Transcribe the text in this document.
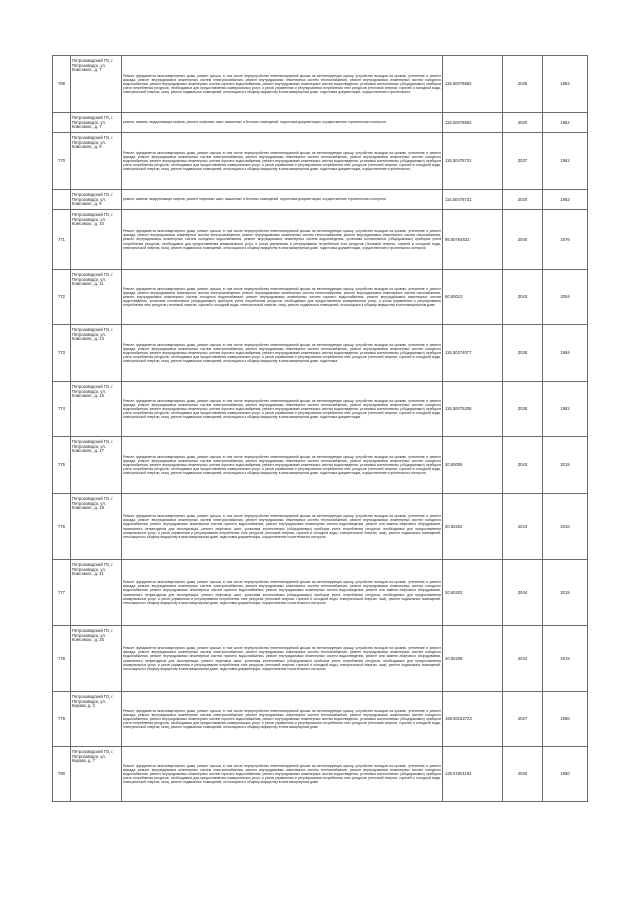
769	Петрозаводский ГО, г. Петрозаводск, ул. Комсомол., д. 7	Ремонт фундамента многоквартирного дома, ремонт крыши, в том числе переустройство невентилируемой крыши на вентилируемую крышу, устройство выходов на кровлю, утепление и ремонт фасада, ремонт внутридомовых инженерных систем электроснабжения, ремонт внутридомовых инженерных систем теплоснабжения, ремонт внутридомовых инженерных систем холодного водоснабжения, ремонт внутридомовых инженерных систем горячего водоснабжения, ремонт внутридомовых инженерных систем водоотведения, установка коллективных (общедомовых) приборов учета потребления ресурсов, необходимых для предоставления коммунальных услуг, и узлов управления и регулирования потребления этих ресурсов (тепловой энергии, горячей и холодной воды, электрической энергии, газа), ремонт подвальных помещений, относящихся к общему имуществу в многоквартирном доме, подготовка документации, осуществление строительного	115.50076662	2036	1962
	Петрозаводский ГО, г. Петрозаводск, ул. Комсомол., д. 7	ремонт, замена, модернизация лифтов, ремонт лифтовых шахт, машинных и блочных помещений, подготовка документации, осуществление строительного контроля	115.50076662	2020	1962
770	Петрозаводский ГО, г. Петрозаводск, ул. Комсомол., д. 9	Ремонт фундамента многоквартирного дома, ремонт крыши, в том числе переустройство невентилируемой крыши на вентилируемую крышу, устройство выходов на кровлю, утепление и ремонт фасада, ремонт внутридомовых инженерных систем электроснабжения, ремонт внутридомовых инженерных систем теплоснабжения, ремонт внутридомовых инженерных систем холодного водоснабжения, ремонт внутридомовых инженерных систем горячего водоснабжения, ремонт внутридомовых инженерных систем водоотведения, установка коллективных (общедомовых) приборов учета потребления ресурсов, необходимых для предоставления коммунальных услуг, и узлов управления и регулирования потребления этих ресурсов (тепловой энергии, горячей и холодной воды, электрической энергии, газа), ремонт подвальных помещений, относящихся к общему имуществу в многоквартирном доме, подготовка документации, осуществление строительного	115.50478731	2037	1962
	Петрозаводский ГО, г. Петрозаводск, ул. Комсомол., д. 9	ремонт, замена, модернизация лифтов, ремонт лифтовых шахт, машинных и блочных помещений, подготовка документации, осуществление строительного контроля	115.50478731	2020	1962
771	Петрозаводский ГО, г. Петрозаводск, ул. Комсомол., д. 10	Ремонт фундамента многоквартирного дома, ремонт крыши, в том числе переустройство невентилируемой крыши на вентилируемую крышу, устройство выходов на кровлю, утепление и ремонт фасада, ремонт внутридомовых инженерных систем электроснабжения, ремонт внутридомовых инженерных систем теплоснабжения, ремонт внутридомовых инженерных систем газоснабжения, ремонт внутридомовых инженерных систем холодного водоснабжения, ремонт внутридомовых инженерных систем водоотведения, установка коллективных (общедомовых) приборов учета потребления ресурсов, необходимых для предоставления коммунальных услуг, и узлов управления и регулирования потребления этих ресурсов (тепловой энергии, горячей и холодной воды, электрической энергии, газа), ремонт подвальных помещений, относящихся к общему имуществу в многоквартирном доме, подготовка документации, осуществление строительного контроля	95.50764633	2040	1976
772	Петрозаводский ГО, г. Петрозаводск, ул. Комсомол., д. 11	Ремонт фундамента многоквартирного дома, ремонт крыши, в том числе переустройство невентилируемой крыши на вентилируемую крышу, устройство выходов на кровлю, утепление и ремонт фасада, ремонт внутридомовых инженерных систем электроснабжения, ремонт внутридомовых инженерных систем теплоснабжения, ремонт внутридомовых инженерных систем газоснабжения, ремонт внутридомовых инженерных систем холодного водоснабжения, ремонт внутридомовых инженерных систем горячего водоснабжения, ремонт внутридомовых инженерных систем водоотведения, установка коллективных (общедомовых) приборов учета потребления ресурсов, необходимых для предоставления коммунальных услуг, и узлов управления и регулирования потребления этих ресурсов (тепловой энергии, горячей и холодной воды, электрической энергии, газа), ремонт подвальных помещений, относящихся к общему имуществу в многоквартирном доме	60.50012	2043	2004
773	Петрозаводский ГО, г. Петрозаводск, ул. Комсомол., д. 13	Ремонт фундамента многоквартирного дома, ремонт крыши, в том числе переустройство невентилируемой крыши на вентилируемую крышу, устройство выходов на кровлю, утепление и ремонт фасада, ремонт внутридомовых инженерных систем электроснабжения, ремонт внутридомовых инженерных систем теплоснабжения, ремонт внутридомовых инженерных систем холодного водоснабжения, ремонт внутридомовых инженерных систем горячего водоснабжения, ремонт внутридомовых инженерных систем водоотведения, установка коллективных (общедомовых) приборов учета потребления ресурсов, необходимых для предоставления коммунальных услуг, и узлов управления и регулирования потребления этих ресурсов (тепловой энергии, горячей и холодной воды, электрической энергии, газа), ремонт подвальных помещений, относящихся к общему имуществу в многоквартирном доме, подготовка	115.50374077	2038	1984
774	Петрозаводский ГО, г. Петрозаводск, ул. Комсомол., д. 15	Ремонт фундамента многоквартирного дома, ремонт крыши, в том числе переустройство невентилируемой крыши на вентилируемую крышу, устройство выходов на кровлю, утепление и ремонт фасада, ремонт внутридомовых инженерных систем электроснабжения, ремонт внутридомовых инженерных систем теплоснабжения, ремонт внутридомовых инженерных систем холодного водоснабжения, ремонт внутридомовых инженерных систем горячего водоснабжения, ремонт внутридомовых инженерных систем водоотведения, установка коллективных (общедомовых) приборов учета потребления ресурсов, необходимых для предоставления коммунальных услуг, и узлов управления и регулирования потребления этих ресурсов (тепловой энергии, горячей и холодной воды, электрической энергии, газа), ремонт подвальных помещений, относящихся к общему имуществу в многоквартирном доме, подготовка документации	115.50075208	2038	1982
775	Петрозаводский ГО, г. Петрозаводск, ул. Комсомол., д. 17	Ремонт фундамента многоквартирного дома, ремонт крыши, в том числе переустройство невентилируемой крыши на вентилируемую крышу, устройство выходов на кровлю, утепление и ремонт фасада, ремонт внутридомовых инженерных систем электроснабжения, ремонт внутридомовых инженерных систем теплоснабжения, ремонт внутридомовых инженерных систем холодного водоснабжения, ремонт внутридомовых инженерных систем горячего водоснабжения, ремонт внутридомовых инженерных систем водоотведения, установка коллективных (общедомовых) приборов учета потребления ресурсов, необходимых для предоставления коммунальных услуг, и узлов управления и регулирования потребления этих ресурсов (тепловой энергии, горячей и холодной воды, электрической энергии, газа), ремонт подвальных помещений, относящихся к общему имуществу в многоквартирном доме, подготовка документации, осуществление строительного контроля	20.50006	2043	2015
776	Петрозаводский ГО, г. Петрозаводск, ул. Комсомол., д. 19	Ремонт фундамента многоквартирного дома, ремонт крыши, в том числе переустройство невентилируемой крыши на вентилируемую крышу, устройство выходов на кровлю, утепление и ремонт фасада, ремонт внутридомовых инженерных систем электроснабжения, ремонт внутридомовых инженерных систем теплоснабжения, ремонт внутридомовых инженерных систем холодного водоснабжения, ремонт внутридомовых инженерных систем горячего водоснабжения, ремонт внутридомовых инженерных систем водоотведения, ремонт или замена лифтового оборудования, признанного непригодным для эксплуатации, ремонт лифтовых шахт, установка коллективных (общедомовых) приборов учета потребления ресурсов, необходимых для предоставления коммунальных услуг, и узлов управления и регулирования потребления этих ресурсов (тепловой энергии, горячей и холодной воды, электрической энергии, газа), ремонт подвальных помещений, относящихся к общему имуществу в многоквартирном доме, подготовка документации, осуществление строительного контроля	20.50202	2044	2016
777	Петрозаводский ГО, г. Петрозаводск, ул. Комсомол., д. 21	Ремонт фундамента многоквартирного дома, ремонт крыши, в том числе переустройство невентилируемой крыши на вентилируемую крышу, устройство выходов на кровлю, утепление и ремонт фасада, ремонт внутридомовых инженерных систем электроснабжения, ремонт внутридомовых инженерных систем теплоснабжения, ремонт внутридомовых инженерных систем холодного водоснабжения, ремонт внутридомовых инженерных систем горячего водоснабжения, ремонт внутридомовых инженерных систем водоотведения, ремонт или замена лифтового оборудования, признанного непригодным для эксплуатации, ремонт лифтовых шахт, установка коллективных (общедомовых) приборов учета потребления ресурсов, необходимых для предоставления коммунальных услуг, и узлов управления и регулирования потребления этих ресурсов (тепловой энергии, горячей и холодной воды, электрической энергии, газа), ремонт подвальных помещений, относящихся к общему имуществу в многоквартирном доме, подготовка документации, осуществление строительного контроля	20.50203	2044	2015
778	Петрозаводский ГО, г. Петрозаводск, ул. Комсомол., д. 25	Ремонт фундамента многоквартирного дома, ремонт крыши, в том числе переустройство невентилируемой крыши на вентилируемую крышу, устройство выходов на кровлю, утепление и ремонт фасада, ремонт внутридомовых инженерных систем электроснабжения, ремонт внутридомовых инженерных систем теплоснабжения, ремонт внутридомовых инженерных систем холодного водоснабжения, ремонт внутридомовых инженерных систем горячего водоснабжения, ремонт внутридомовых инженерных систем водоотведения, ремонт или замена лифтового оборудования, признанного непригодным для эксплуатации, ремонт лифтовых шахт, установка коллективных (общедомовых) приборов учета потребления ресурсов, необходимых для предоставления коммунальных услуг, и узлов управления и регулирования потребления этих ресурсов (тепловой энергии, горячей и холодной воды, электрической энергии, газа), ремонт подвальных помещений, относящихся к общему имуществу в многоквартирном доме, подготовка документации, осуществление строительного контроля	20.50209	2044	2015
779	Петрозаводский ГО, г. Петрозаводск, ул. Кирова, д. 3	Ремонт фундамента многоквартирного дома, ремонт крыши, в том числе переустройство невентилируемой крыши на вентилируемую крышу, устройство выходов на кровлю, утепление и ремонт фасада, ремонт внутридомовых инженерных систем электроснабжения, ремонт внутридомовых инженерных систем теплоснабжения, ремонт внутридомовых инженерных систем холодного водоснабжения, ремонт внутридомовых инженерных систем горячего водоснабжения, ремонт внутридомовых инженерных систем водоотведения, установка коллективных (общедомовых) приборов учета потребления ресурсов, необходимых для предоставления коммунальных услуг, и узлов управления и регулирования потребления этих ресурсов (тепловой энергии, горячей и холодной воды, электрической энергии, газа), ремонт подвальных помещений, относящихся к общему имуществу в многоквартирном доме	155.50162723	2027	1956
780	Петрозаводский ГО, г. Петрозаводск, ул. Кирова, д. 7	Ремонт фундамента многоквартирного дома, ремонт крыши, в том числе переустройство невентилируемой крыши на вентилируемую крышу, устройство выходов на кровлю, утепление и ремонт фасада, ремонт внутридомовых инженерных систем электроснабжения, ремонт внутридомовых инженерных систем теплоснабжения, ремонт внутридомовых инженерных систем холодного водоснабжения, ремонт внутридомовых инженерных систем горячего водоснабжения, ремонт внутридомовых инженерных систем водоотведения, установка коллективных (общедомовых) приборов учета потребления ресурсов, необходимых для предоставления коммунальных услуг, и узлов управления и регулирования потребления этих ресурсов (тепловой энергии, горячей и холодной воды, электрической энергии, газа), ремонт подвальных помещений, относящихся к общему имуществу в многоквартирном доме	135.51901182	2032	1960
